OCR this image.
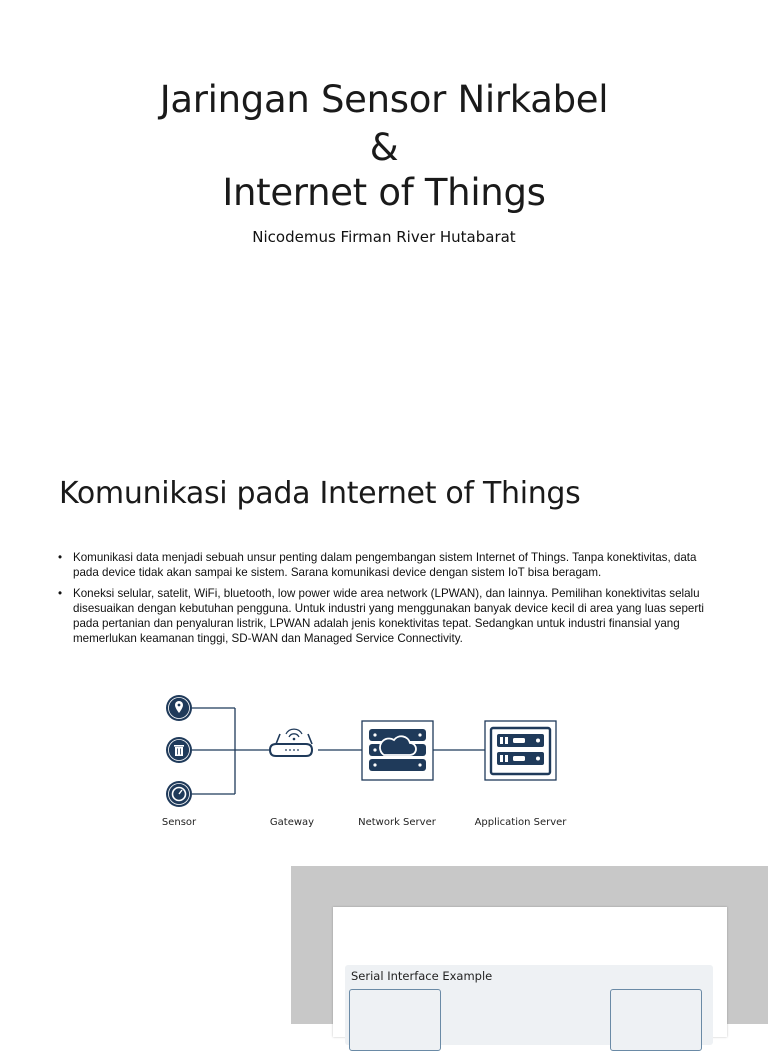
Jaringan Sensor Nirkabel
&
Internet of Things
Nicodemus Firman River Hutabarat
Komunikasi pada Internet of Things
• Komunikasi data menjadi sebuah unsur penting dalam pengembangan sistem Internet of Things. Tanpa konektivitas, data pada device tidak akan sampai ke sistem. Sarana komunikasi device dengan sistem IoT bisa beragam.
• Koneksi selular, satelit, WiFi, bluetooth, low power wide area network (LPWAN), dan lainnya. Pemilihan konektivitas selalu disesuaikan dengan kebutuhan pengguna. Untuk industri yang menggunakan banyak device kecil di area yang luas seperti pada pertanian dan penyaluran listrik, LPWAN adalah jenis konektivitas tepat. Sedangkan untuk industri finansial yang memerlukan keamanan tinggi, SD-WAN dan Managed Service Connectivity.
Sensor	Gateway	Network Server	Application Server
Serial Interface Example
